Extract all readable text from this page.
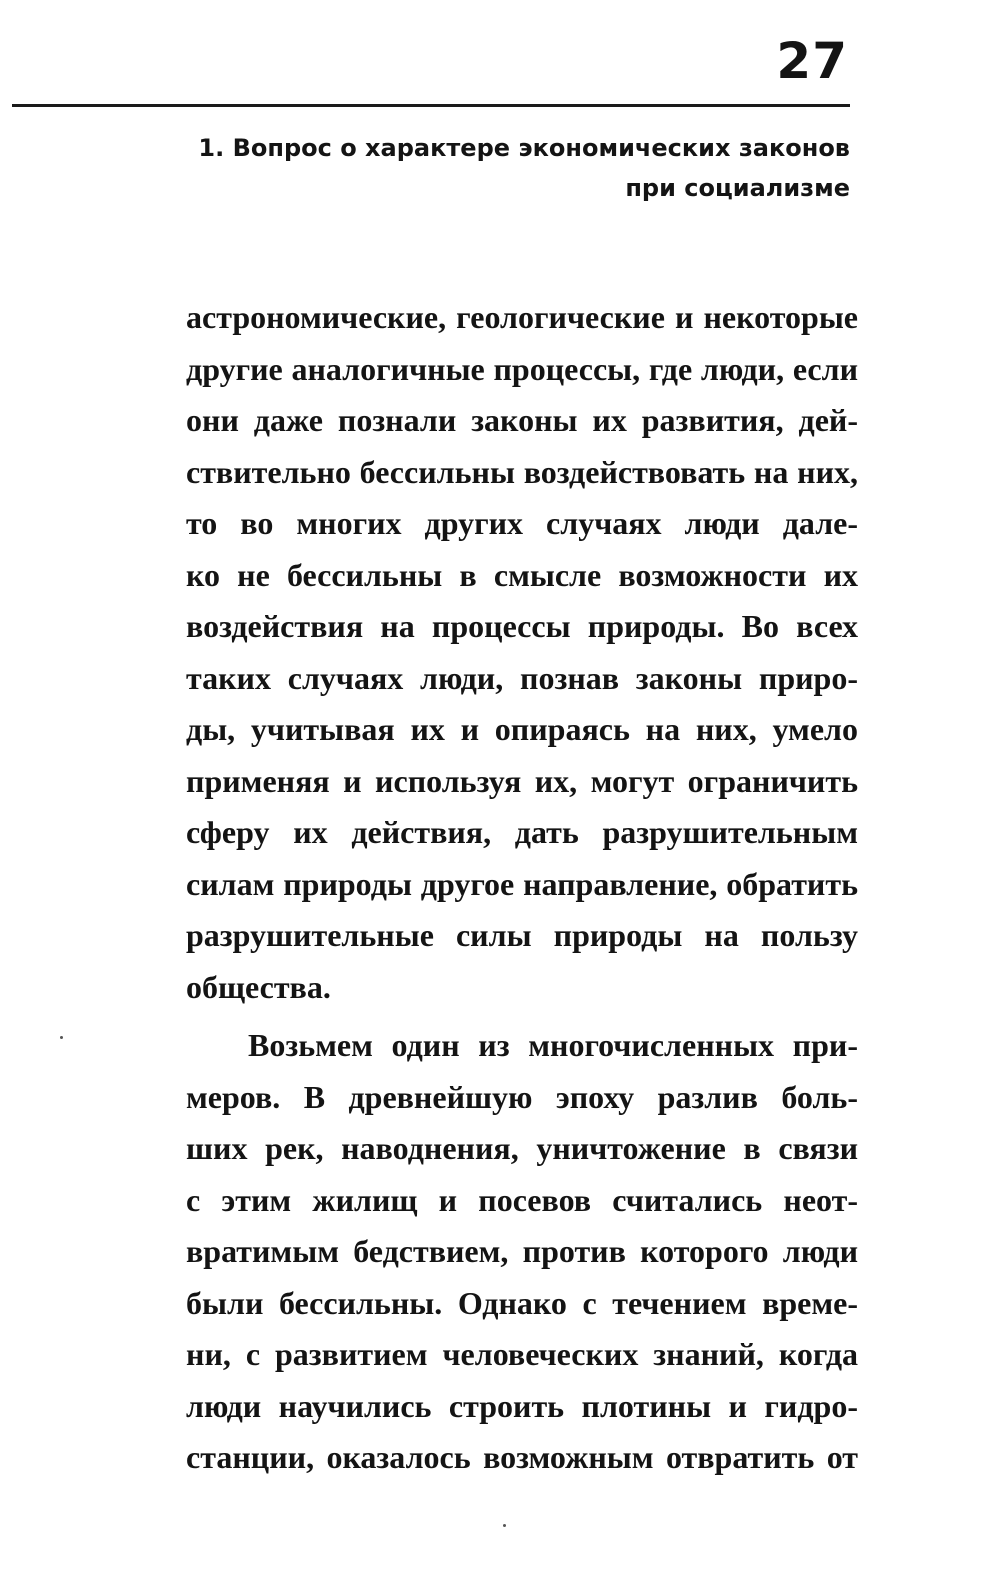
27
1. Вопрос о характере экономических законов
при социализме
астрономические, геологические и некоторые
другие аналогичные процессы, где люди, если
они даже познали законы их развития, дей-
ствительно бессильны воздействовать на них,
то во многих других случаях люди дале-
ко не бессильны в смысле возможности их
воздействия на процессы природы. Во всех
таких случаях люди, познав законы приро-
ды, учитывая их и опираясь на них, умело
применяя и используя их, могут ограничить
сферу их действия, дать разрушительным
силам природы другое направление, обратить
разрушительные силы природы на пользу
общества.
Возьмем один из многочисленных при-
меров. В древнейшую эпоху разлив боль-
ших рек, наводнения, уничтожение в связи
с этим жилищ и посевов считались неот-
вратимым бедствием, против которого люди
были бессильны. Однако с течением време-
ни, с развитием человеческих знаний, когда
люди научились строить плотины и гидро-
станции, оказалось возможным отвратить от
